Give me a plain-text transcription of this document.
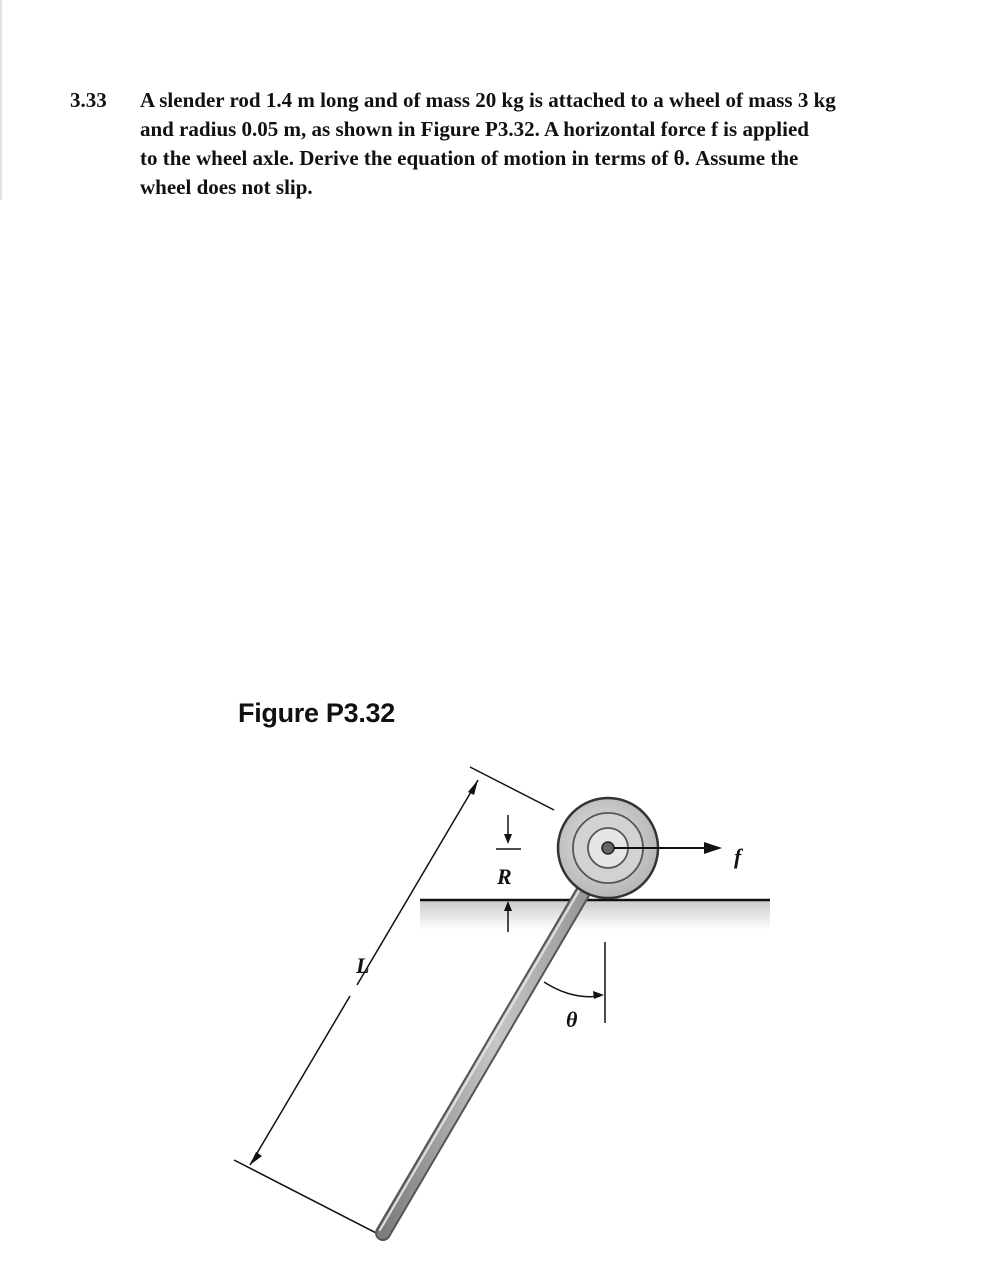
3.33 A slender rod 1.4 m long and of mass 20 kg is attached to a wheel of mass 3 kg
and radius 0.05 m, as shown in Figure P3.32. A horizontal force f is applied
to the wheel axle. Derive the equation of motion in terms of θ. Assume the
wheel does not slip.
Figure P3.32
L
R
θ
f
